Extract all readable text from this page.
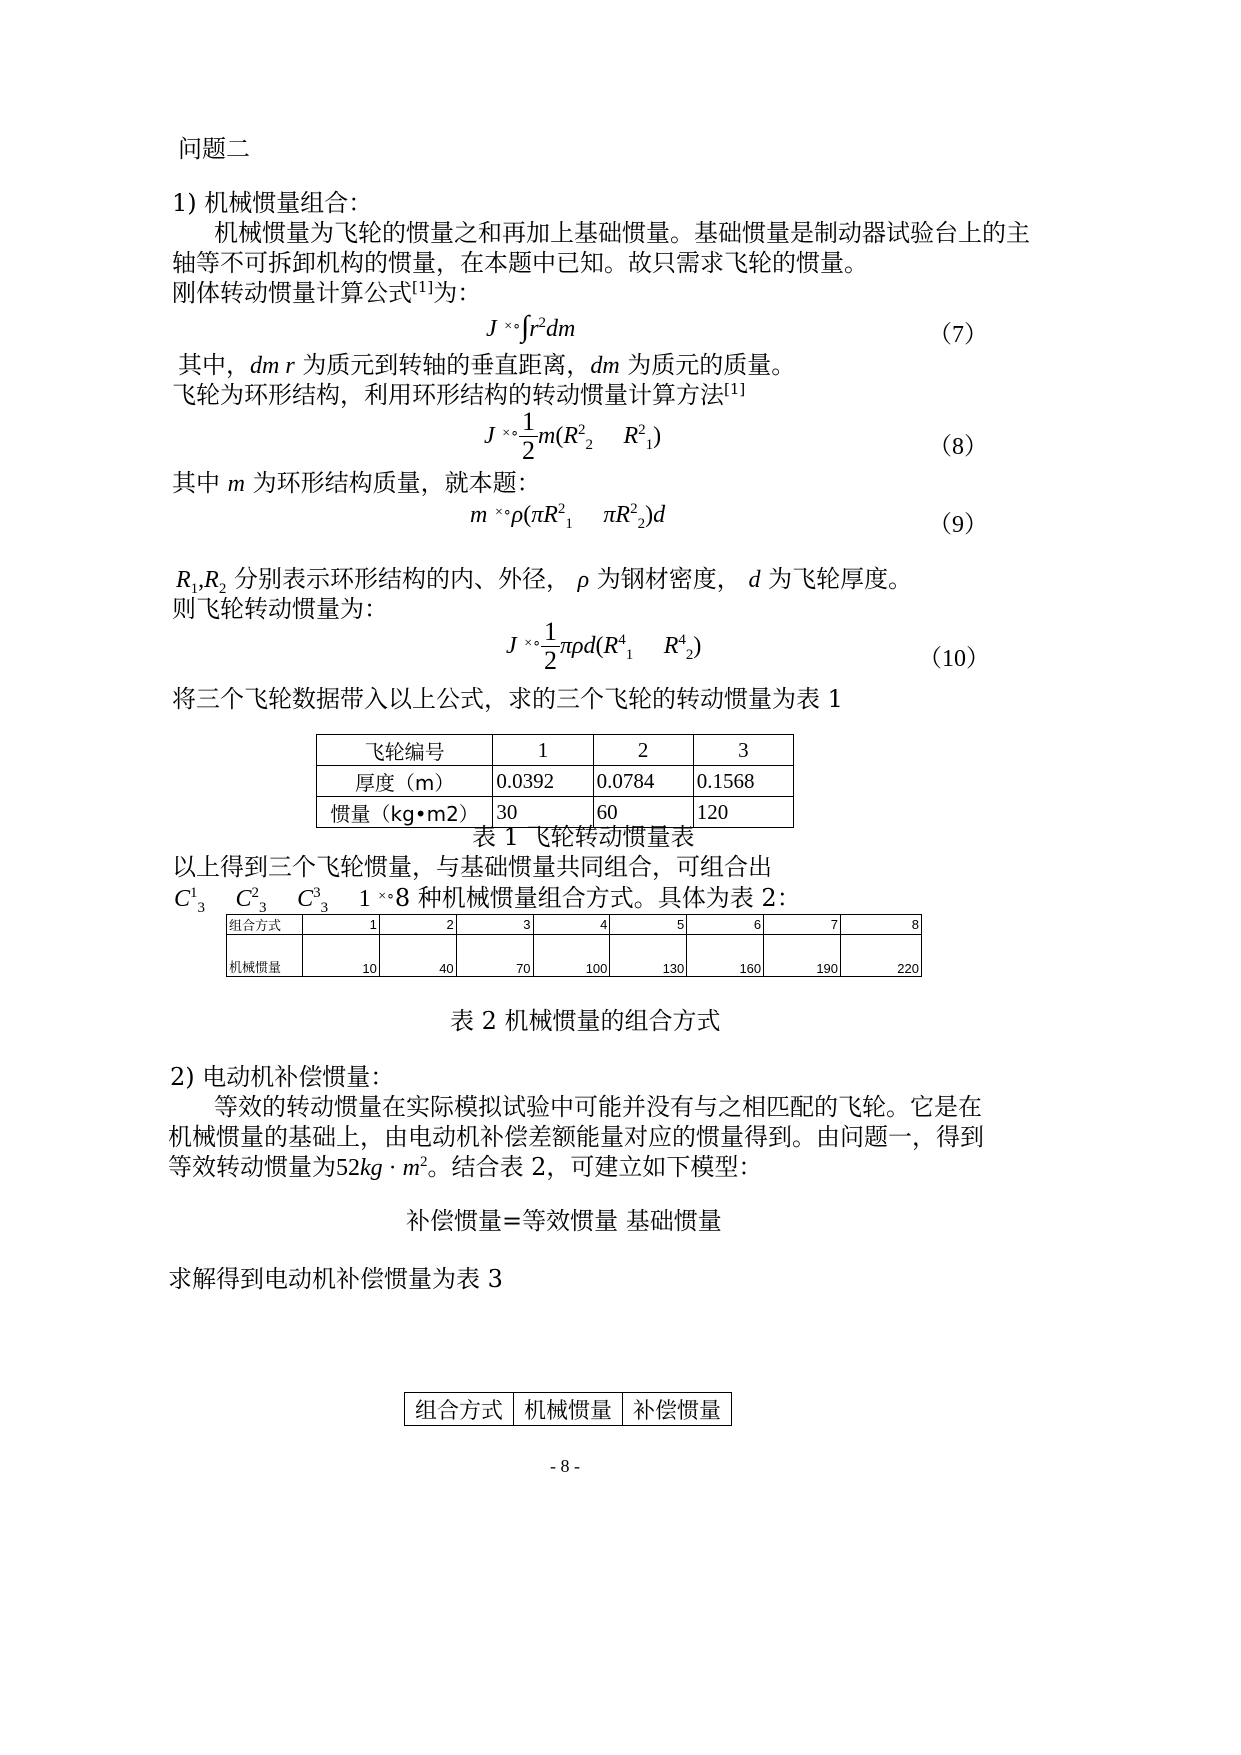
问题二
1) 机械惯量组合：
机械惯量为飞轮的惯量之和再加上基础惯量。基础惯量是制动器试验台上的主
轴等不可拆卸机构的惯量，在本题中已知。故只需求飞轮的惯量。
刚体转动惯量计算公式[1]为：
J $^{\times\circ}\int r^2dm$	（7）
其中，dm r 为质元到转轴的垂直距离，dm 为质元的质量。
飞轮为环形结构，利用环形结构的转动惯量计算方法[1]
J $^{\times\circ} \frac{1}{2} m(R^2_2$ $R^2_1$)	（8）
其中 m 为环形结构质量，就本题：
m $^{\times\circ}\rho(\pi R^2_1$ $\pi R^2_2)d$	（9）
$R_1,R_2$ 分别表示环形结构的内、外径， ρ 为钢材密度， d 为飞轮厚度。
则飞轮转动惯量为：
J $^{\times\circ} \frac{1}{2} \pi\rho d(R^4_1$ $R^4_2$)	（10）
将三个飞轮数据带入以上公式，求的三个飞轮的转动惯量为表 1
飞轮编号	1	2	3
厚度（m）	0.0392	0.0784	0.1568
惯量（kg•m2）	30	60	120
表 1 飞轮转动惯量表
以上得到三个飞轮惯量，与基础惯量共同组合，可组合出
$C^1_3$ $C^2_3$ $C^3_3$ 1 ×∘8 种机械惯量组合方式。具体为表 2：
组合方式	1	2	3	4	5	6	7	8
机械惯量	10	40	70	100	130	160	190	220
表 2 机械惯量的组合方式
2) 电动机补偿惯量：
等效的转动惯量在实际模拟试验中可能并没有与之相匹配的飞轮。它是在
机械惯量的基础上，由电动机补偿差额能量对应的惯量得到。由问题一，得到
等效转动惯量为$52kg \cdot m^2$。结合表 2，可建立如下模型：
补偿惯量=等效惯量 基础惯量
求解得到电动机补偿惯量为表 3
组合方式	机械惯量	补偿惯量
- 8 -
